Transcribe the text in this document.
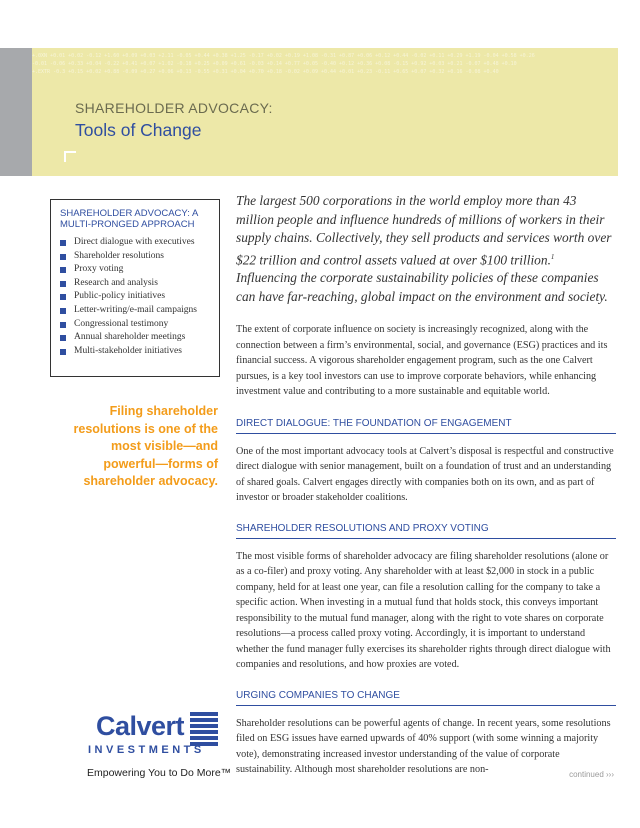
+.0XN +0.01 +0.02 -0.12 +1.60 +0.09 +0.03 +2.11 -0.05 +0.44 +0.38 +1.25 -0.17 +0.02 +0.19 +1.08 -0.31 +0.87 +0.06 +0.12 +0.44 -0.02 +0.11 +0.29 +1.19 -0.04 +0.58 +0.26
-0.01 -0.06 +0.33 +0.04 -0.22 +0.41 +0.07 +1.02 -0.18 +0.25 +0.09 +0.61 -0.03 +0.14 +0.77 +0.05 -0.40 +0.12 +0.36 +0.08 -0.15 +0.92 +0.03 +0.21 -0.07 +0.48 +0.10
+.EXTR -0.3 +0.15 +0.02 +0.88 -0.09 +0.27 +0.06 +0.13 -0.55 +0.31 +0.04 +0.70 +0.18 -0.02 +0.09 +0.44 +0.01 +0.23 -0.11 +0.65 +0.07 +0.32 +0.16 -0.08 +0.40
SHAREHOLDER ADVOCACY:
Tools of Change
SHAREHOLDER ADVOCACY: A MULTI-PRONGED APPROACH
Direct dialogue with executives
Shareholder resolutions
Proxy voting
Research and analysis
Public-policy initiatives
Letter-writing/e-mail campaigns
Congressional testimony
Annual shareholder meetings
Multi-stakeholder initiatives

Filing shareholder resolutions is one of the most visible—and powerful—forms of shareholder advocacy.

Calvert
INVESTMENTS

Empowering You to Do More™

The largest 500 corporations in the world employ more than 43 million people and influence hundreds of millions of workers in their supply chains. Collectively, they sell products and services worth over $22 trillion and control assets valued at over $100 trillion.$^1$ Influencing the corporate sustainability policies of these companies can have far-reaching, global impact on the environment and society.

The extent of corporate influence on society is increasingly recognized, along with the connection between a firm’s environmental, social, and governance (ESG) practices and its financial success. A vigorous shareholder engagement program, such as the one Calvert pursues, is a key tool investors can use to improve corporate behaviors, while enhancing investment value and contributing to a more sustainable and equitable world.

DIRECT DIALOGUE: THE FOUNDATION OF ENGAGEMENT

One of the most important advocacy tools at Calvert’s disposal is respectful and constructive direct dialogue with senior management, built on a foundation of trust and an understanding of shared goals. Calvert engages directly with companies both on its own, and as part of investor or broader stakeholder coalitions.

SHAREHOLDER RESOLUTIONS AND PROXY VOTING

The most visible forms of shareholder advocacy are filing shareholder resolutions (alone or as a co-filer) and proxy voting. Any shareholder with at least $2,000 in stock in a public company, held for at least one year, can file a resolution calling for the company to take a specific action. When investing in a mutual fund that holds stock, this conveys important responsibility to the mutual fund manager, along with the right to vote shares on corporate resolutions—a process called proxy voting. Accordingly, it is important to understand whether the fund manager fully exercises its shareholder rights through direct dialogue with companies and resolutions, and how proxies are voted.

URGING COMPANIES TO CHANGE

Shareholder resolutions can be powerful agents of change. In recent years, some resolutions filed on ESG issues have earned upwards of 40% support (with some winning a majority vote), demonstrating increased investor understanding of the value of corporate sustainability. Although most shareholder resolutions are non-	continued ›››
